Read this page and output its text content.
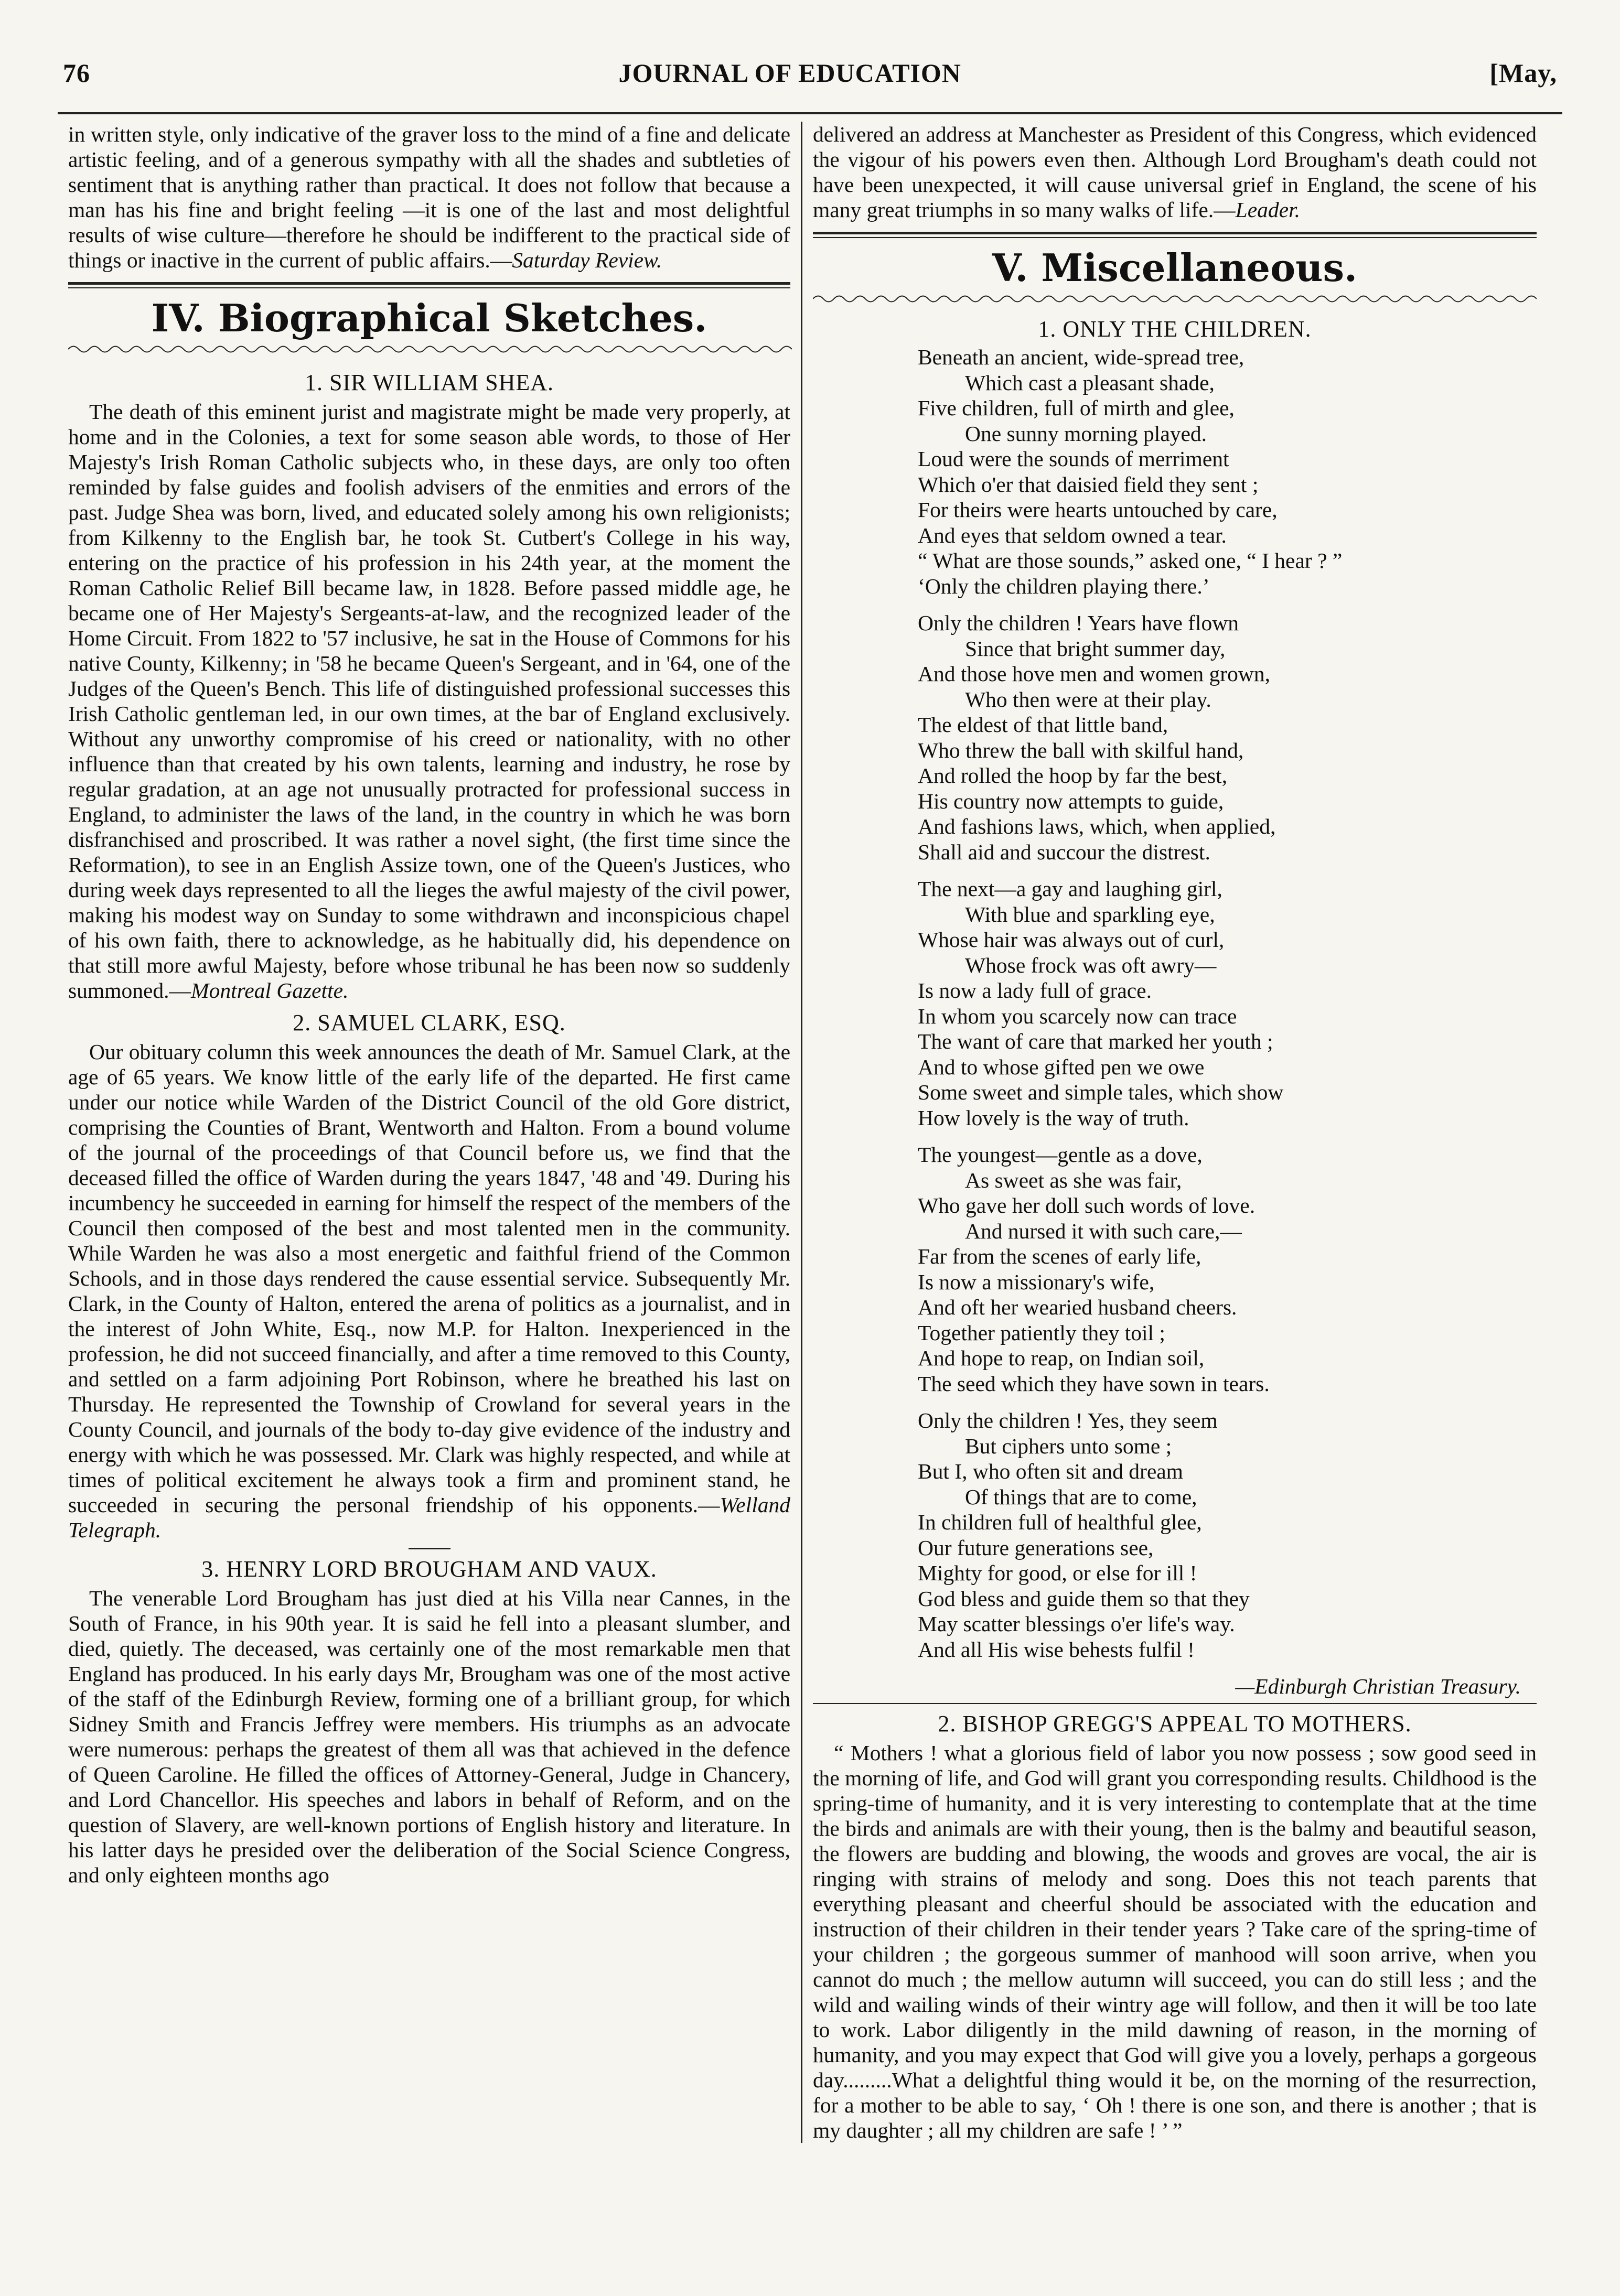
76	JOURNAL OF EDUCATION	[May,

in written style, only indicative of the graver loss to the mind of a fine and delicate artistic feeling, and of a generous sympathy with all the shades and subtleties of sentiment that is anything rather than practical. It does not follow that because a man has his fine and bright feeling —it is one of the last and most delightful results of wise culture—therefore he should be indifferent to the practical side of things or inactive in the current of public affairs.—Saturday Review.

IV. Biographical Sketches.
1. SIR WILLIAM SHEA.

The death of this eminent jurist and magistrate might be made very properly, at home and in the Colonies, a text for some season able words, to those of Her Majesty's Irish Roman Catholic subjects who, in these days, are only too often reminded by false guides and foolish advisers of the enmities and errors of the past. Judge Shea was born, lived, and educated solely among his own religionists; from Kilkenny to the English bar, he took St. Cutbert's College in his way, entering on the practice of his profession in his 24th year, at the moment the Roman Catholic Relief Bill became law, in 1828. Before passed middle age, he became one of Her Majesty's Sergeants-at-law, and the recognized leader of the Home Circuit. From 1822 to '57 inclusive, he sat in the House of Commons for his native County, Kilkenny; in '58 he became Queen's Sergeant, and in '64, one of the Judges of the Queen's Bench. This life of distinguished professional successes this Irish Catholic gentleman led, in our own times, at the bar of England exclusively. Without any unworthy compromise of his creed or nationality, with no other influence than that created by his own talents, learning and industry, he rose by regular gradation, at an age not unusually protracted for professional success in England, to administer the laws of the land, in the country in which he was born disfranchised and proscribed. It was rather a novel sight, (the first time since the Reformation), to see in an English Assize town, one of the Queen's Justices, who during week days represented to all the lieges the awful majesty of the civil power, making his modest way on Sunday to some withdrawn and inconspicious chapel of his own faith, there to acknowledge, as he habitually did, his dependence on that still more awful Majesty, before whose tribunal he has been now so suddenly summoned.—Montreal Gazette.

2. SAMUEL CLARK, ESQ.

Our obituary column this week announces the death of Mr. Samuel Clark, at the age of 65 years. We know little of the early life of the departed. He first came under our notice while Warden of the District Council of the old Gore district, comprising the Counties of Brant, Wentworth and Halton. From a bound volume of the journal of the proceedings of that Council before us, we find that the deceased filled the office of Warden during the years 1847, '48 and '49. During his incumbency he succeeded in earning for himself the respect of the members of the Council then composed of the best and most talented men in the community. While Warden he was also a most energetic and faithful friend of the Common Schools, and in those days rendered the cause essential service. Subsequently Mr. Clark, in the County of Halton, entered the arena of politics as a journalist, and in the interest of John White, Esq., now M.P. for Halton. Inexperienced in the profession, he did not succeed financially, and after a time removed to this County, and settled on a farm adjoining Port Robinson, where he breathed his last on Thursday. He represented the Township of Crowland for several years in the County Council, and journals of the body to-day give evidence of the industry and energy with which he was possessed. Mr. Clark was highly respected, and while at times of political excitement he always took a firm and prominent stand, he succeeded in securing the personal friendship of his opponents.—Welland Telegraph.

3. HENRY LORD BROUGHAM AND VAUX.

The venerable Lord Brougham has just died at his Villa near Cannes, in the South of France, in his 90th year. It is said he fell into a pleasant slumber, and died, quietly. The deceased, was certainly one of the most remarkable men that England has produced. In his early days Mr, Brougham was one of the most active of the staff of the Edinburgh Review, forming one of a brilliant group, for which Sidney Smith and Francis Jeffrey were members. His triumphs as an advocate were numerous: perhaps the greatest of them all was that achieved in the defence of Queen Caroline. He filled the offices of Attorney-General, Judge in Chancery, and Lord Chancellor. His speeches and labors in behalf of Reform, and on the question of Slavery, are well-known portions of English history and literature. In his latter days he presided over the deliberation of the Social Science Congress, and only eighteen months ago

delivered an address at Manchester as President of this Congress, which evidenced the vigour of his powers even then. Although Lord Brougham's death could not have been unexpected, it will cause universal grief in England, the scene of his many great triumphs in so many walks of life.—Leader.

V. Miscellaneous.
1. ONLY THE CHILDREN.
Beneath an ancient, wide-spread tree,
Which cast a pleasant shade,
Five children, full of mirth and glee,
One sunny morning played.
Loud were the sounds of merriment
Which o'er that daisied field they sent ;
For theirs were hearts untouched by care,
And eyes that seldom owned a tear.
“ What are those sounds,” asked one, “ I hear ? ”
‘Only the children playing there.’
Only the children ! Years have flown
Since that bright summer day,
And those hove men and women grown,
Who then were at their play.
The eldest of that little band,
Who threw the ball with skilful hand,
And rolled the hoop by far the best,
His country now attempts to guide,
And fashions laws, which, when applied,
Shall aid and succour the distrest.
The next—a gay and laughing girl,
With blue and sparkling eye,
Whose hair was always out of curl,
Whose frock was oft awry—
Is now a lady full of grace.
In whom you scarcely now can trace
The want of care that marked her youth ;
And to whose gifted pen we owe
Some sweet and simple tales, which show
How lovely is the way of truth.
The youngest—gentle as a dove,
As sweet as she was fair,
Who gave her doll such words of love.
And nursed it with such care,—
Far from the scenes of early life,
Is now a missionary's wife,
And oft her wearied husband cheers.
Together patiently they toil ;
And hope to reap, on Indian soil,
The seed which they have sown in tears.
Only the children ! Yes, they seem
But ciphers unto some ;
But I, who often sit and dream
Of things that are to come,
In children full of healthful glee,
Our future generations see,
Mighty for good, or else for ill !
God bless and guide them so that they
May scatter blessings o'er life's way.
And all His wise behests fulfil !
—Edinburgh Christian Treasury.
2. BISHOP GREGG'S APPEAL TO MOTHERS.

“ Mothers ! what a glorious field of labor you now possess ; sow good seed in the morning of life, and God will grant you corresponding results. Childhood is the spring-time of humanity, and it is very interesting to contemplate that at the time the birds and animals are with their young, then is the balmy and beautiful season, the flowers are budding and blowing, the woods and groves are vocal, the air is ringing with strains of melody and song. Does this not teach parents that everything pleasant and cheerful should be associated with the education and instruction of their children in their tender years ? Take care of the spring-time of your children ; the gorgeous summer of manhood will soon arrive, when you cannot do much ; the mellow autumn will succeed, you can do still less ; and the wild and wailing winds of their wintry age will follow, and then it will be too late to work. Labor diligently in the mild dawning of reason, in the morning of humanity, and you may expect that God will give you a lovely, perhaps a gorgeous day.........What a delightful thing would it be, on the morning of the resurrection, for a mother to be able to say, ‘ Oh ! there is one son, and there is another ; that is my daughter ; all my children are safe ! ’ ”
